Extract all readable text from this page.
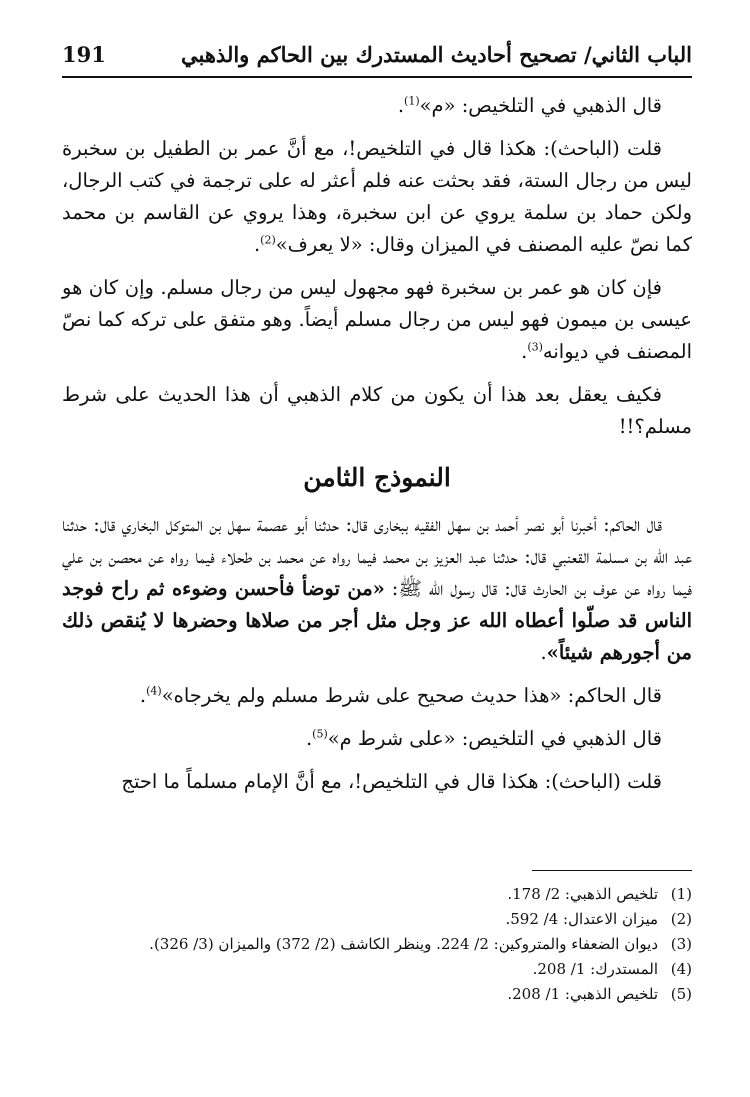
الباب الثاني/ تصحيح أحاديث المستدرك بين الحاكم والذهبي
191

قال الذهبي في التلخيص: «م»$^{(1)}$.

قلت (الباحث): هكذا قال في التلخيص!، مع أنَّ عمر بن الطفيل بن سخبرة ليس من رجال الستة، فقد بحثت عنه فلم أعثر له على ترجمة في كتب الرجال، ولكن حماد بن سلمة يروي عن ابن سخبرة، وهذا يروي عن القاسم بن محمد كما نصّ عليه المصنف في الميزان وقال: «لا يعرف»$^{(2)}$.

فإن كان هو عمر بن سخبرة فهو مجهول ليس من رجال مسلم. وإن كان هو عيسى بن ميمون فهو ليس من رجال مسلم أيضاً. وهو متفق على تركه كما نصّ المصنف في ديوانه$^{(3)}$.

فكيف يعقل بعد هذا أن يكون من كلام الذهبي أن هذا الحديث على شرط مسلم؟!!

النموذج الثامن

قال الحاكم: أخبرنا أبو نصر أحمد بن سهل الفقيه ببخارى قال: حدثنا أبو عصمة سهل بن المتوكل البخاري قال: حدثنا عبد الله بن مسلمة القعنبي قال: حدثنا عبد العزيز بن محمد فيما رواه عن محمد بن طحلاء فيما رواه عن محصن بن علي فيما رواه عن عوف بن الحارث قال: قال رسول الله ﷺ: «من توضأ فأحسن وضوءه ثم راح فوجد الناس قد صلّوا أعطاه الله عز وجل مثل أجر من صلاها وحضرها لا يُنقص ذلك من أجورهم شيئاً».

قال الحاكم: «هذا حديث صحيح على شرط مسلم ولم يخرجاه»$^{(4)}$.

قال الذهبي في التلخيص: «على شرط م»$^{(5)}$.

قلت (الباحث): هكذا قال في التلخيص!، مع أنَّ الإمام مسلماً ما احتج

(1)
تلخيص الذهبي: 2/ 178.
(2)
ميزان الاعتدال: 4/ 592.
(3)
ديوان الضعفاء والمتروكين: 2/ 224. وينظر الكاشف (2/ 372) والميزان (3/ 326).
(4)
المستدرك: 1/ 208.
(5)
تلخيص الذهبي: 1/ 208.
